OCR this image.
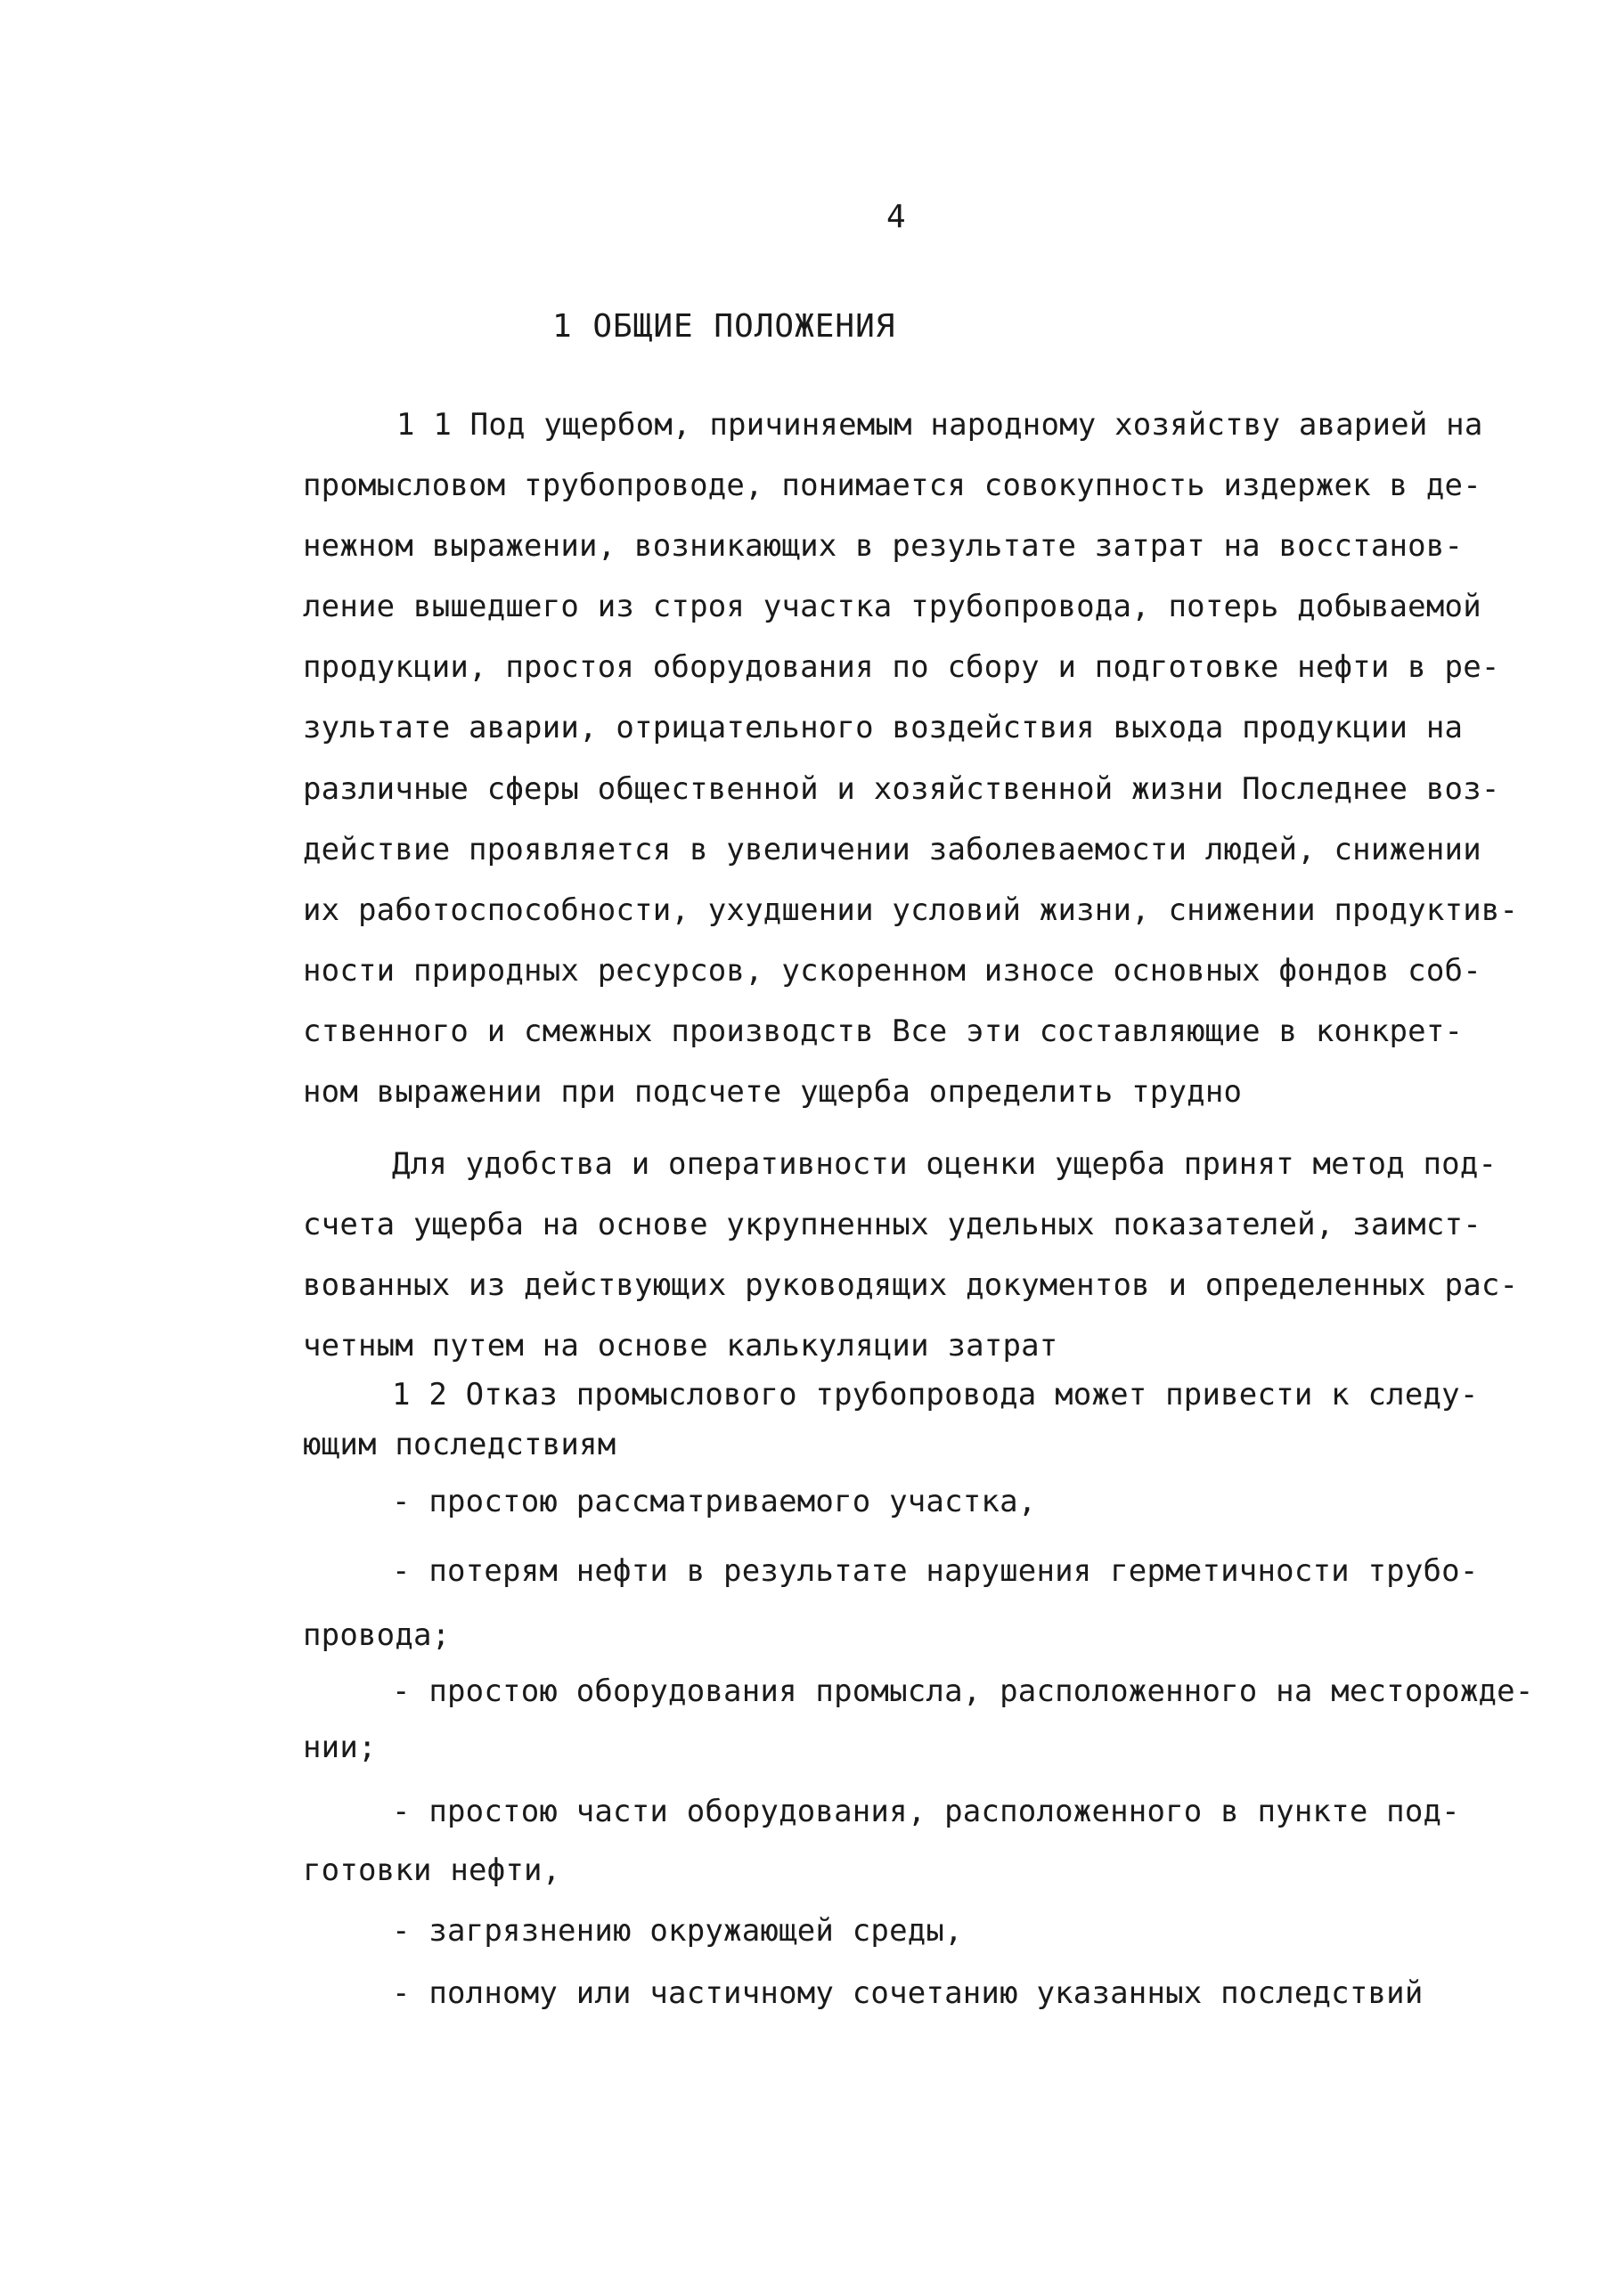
4
1 ОБЩИЕ ПОЛОЖЕНИЯ
1 1 Под ущербом, причиняемым народному хозяйству аварией на
промысловом трубопроводе, понимается совокупность издержек в де-
нежном выражении, возникающих в результате затрат на восстанов-
ление вышедшего из строя участка трубопровода, потерь добываемой
продукции, простоя оборудования по сбору и подготовке нефти в ре-
зультате аварии, отрицательного воздействия выхода продукции на
различные сферы общественной и хозяйственной жизни Последнее воз-
действие проявляется в увеличении заболеваемости людей, снижении
их работоспособности, ухудшении условий жизни, снижении продуктив-
ности природных ресурсов, ускоренном износе основных фондов соб-
ственного и смежных производств Все эти составляющие в конкрет-
ном выражении при подсчете ущерба определить трудно
Для удобства и оперативности оценки ущерба принят метод под-
счета ущерба на основе укрупненных удельных показателей, заимст-
вованных из действующих руководящих документов и определенных рас-
четным путем на основе калькуляции затрат
1 2 Отказ промыслового трубопровода может привести к следу-
ющим последствиям
- простою рассматриваемого участка,
- потерям нефти в результате нарушения герметичности трубо-
провода;
- простою оборудования промысла, расположенного на месторожде-
нии;
- простою части оборудования, расположенного в пункте под-
готовки нефти,
- загрязнению окружающей среды,
- полному или частичному сочетанию указанных последствий
